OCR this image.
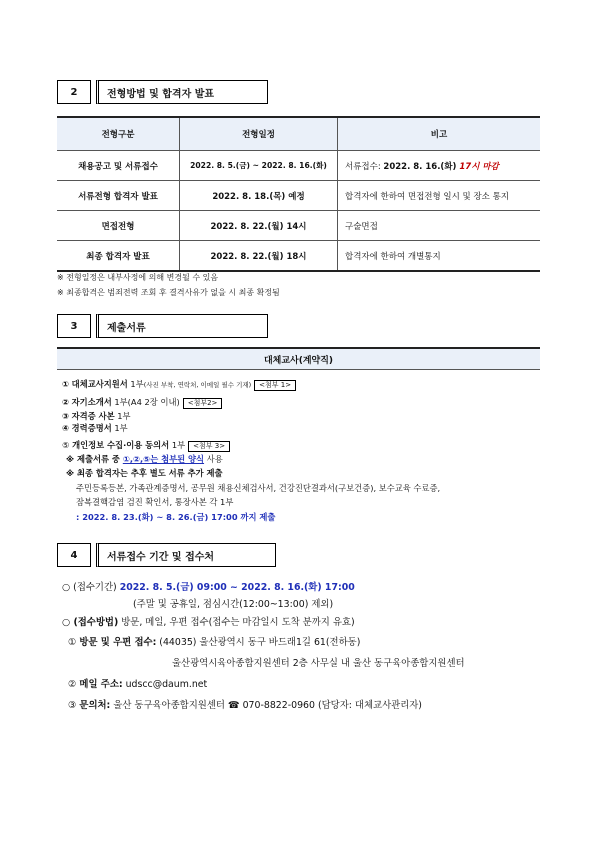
2	전형방법 및 합격자 발표
전형구분	전형일정	비고
채용공고 및 서류접수	2022. 8. 5.(금) ~ 2022. 8. 16.(화)	서류접수: 2022. 8. 16.(화) 17시 마감
서류전형 합격자 발표	2022. 8. 18.(목) 예정	합격자에 한하여 면접전형 일시 및 장소 통지
면접전형	2022. 8. 22.(월) 14시	구술면접
최종 합격자 발표	2022. 8. 22.(월) 18시	합격자에 한하여 개별통지
※ 전형일정은 내부사정에 의해 변경될 수 있음
※ 최종합격은 범죄전력 조회 후 결격사유가 없을 시 최종 확정됨
3	제출서류
대체교사(계약직)
① 대체교사지원서 1부(사진 부착, 연락처, 이메일 필수 기재) <첨부 1>
② 자기소개서 1부(A4 2장 이내) <첨부2>
③ 자격증 사본 1부
④ 경력증명서 1부
⑤ 개인정보 수집·이용 동의서 1부 <첨부 3>
※ 제출서류 중 ①,②,⑤는 첨부된 양식 사용
※ 최종 합격자는 추후 별도 서류 추가 제출
주민등록등본, 가족관계증명서, 공무원 채용신체검사서, 건강진단결과서(구보건증), 보수교육 수료증,
잠복결핵감염 검진 확인서, 통장사본 각 1부
: 2022. 8. 23.(화) ~ 8. 26.(금) 17:00 까지 제출
4	서류접수 기간 및 접수처
○ (접수기간) 2022. 8. 5.(금) 09:00 ~ 2022. 8. 16.(화) 17:00
(주말 및 공휴일, 점심시간(12:00~13:00) 제외)
○ (접수방법) 방문, 메일, 우편 접수(접수는 마감일시 도착 분까지 유효)
① 방문 및 우편 접수: (44035) 울산광역시 동구 바드래1길 61(전하동)
울산광역시육아종합지원센터 2층 사무실 내 울산 동구육아종합지원센터
② 메일 주소: udscc@daum.net
③ 문의처: 울산 동구육아종합지원센터 ☎ 070-8822-0960 (담당자: 대체교사관리자)
